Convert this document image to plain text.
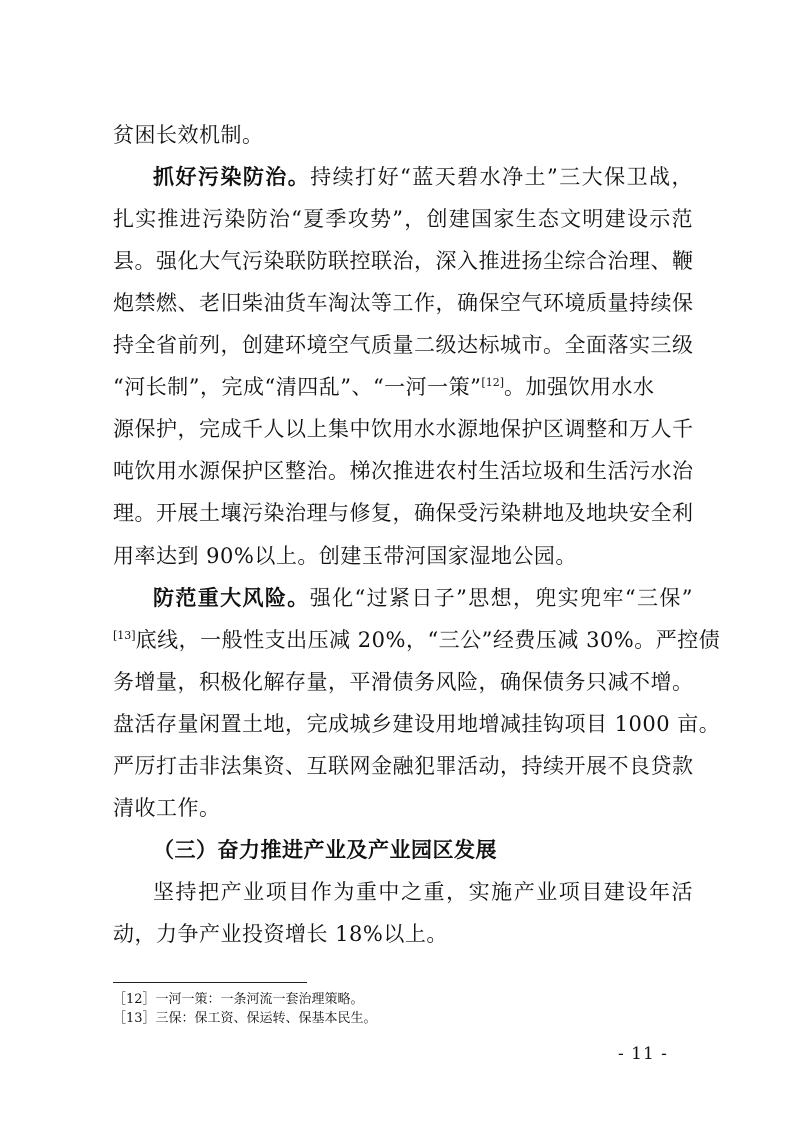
贫困长效机制。
抓好污染防治。持续打好“蓝天碧水净土”三大保卫战，
扎实推进污染防治“夏季攻势”，创建国家生态文明建设示范
县。强化大气污染联防联控联治，深入推进扬尘综合治理、鞭
炮禁燃、老旧柴油货车淘汰等工作，确保空气环境质量持续保
持全省前列，创建环境空气质量二级达标城市。全面落实三级
“河长制”，完成“清四乱”、“一河一策”[12]。加强饮用水水
源保护，完成千人以上集中饮用水水源地保护区调整和万人千
吨饮用水源保护区整治。梯次推进农村生活垃圾和生活污水治
理。开展土壤污染治理与修复，确保受污染耕地及地块安全利
用率达到 90%以上。创建玉带河国家湿地公园。
防范重大风险。强化“过紧日子”思想，兜实兜牢“三保”
[13]底线，一般性支出压减 20%，“三公”经费压减 30%。严控债
务增量，积极化解存量，平滑债务风险，确保债务只减不增。
盘活存量闲置土地，完成城乡建设用地增减挂钩项目 1000 亩。
严厉打击非法集资、互联网金融犯罪活动，持续开展不良贷款
清收工作。
（三）奋力推进产业及产业园区发展
坚持把产业项目作为重中之重，实施产业项目建设年活
动，力争产业投资增长 18%以上。
［12］一河一策：一条河流一套治理策略。
［13］三保：保工资、保运转、保基本民生。
- 11 -
